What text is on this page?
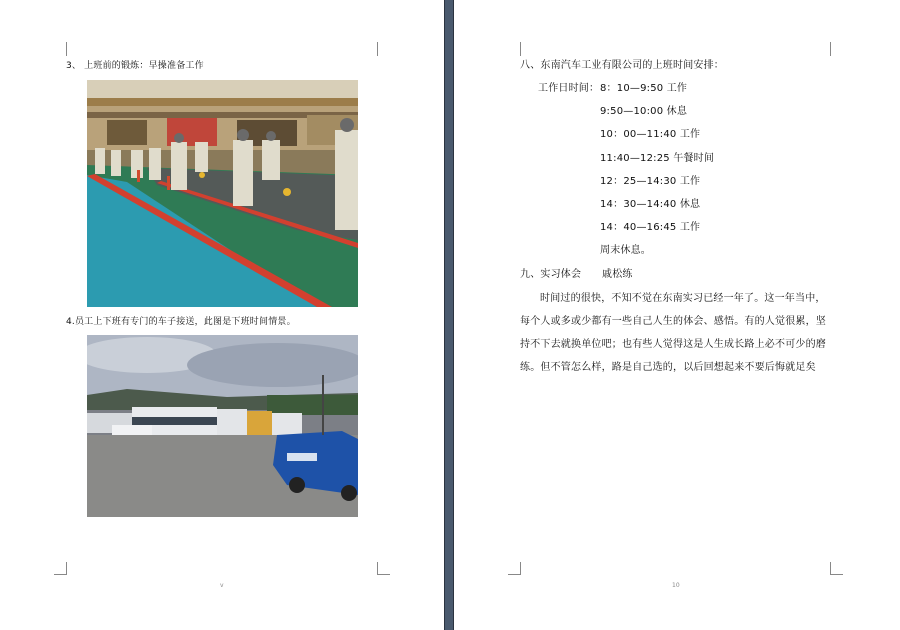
3、 上班前的锻炼：早操准备工作
4.员工上下班有专门的车子接送，此图是下班时间情景。
v
八、东南汽车工业有限公司的上班时间安排：
工作日时间： 8：10—9:50 工作
9:50—10:00 休息
10：00—11:40 工作
11:40—12:25 午餐时间
12：25—14:30 工作
14：30—14:40 休息
14：40—16:45 工作
周末休息。
九、实习体会 戚松练
时间过的很快，不知不觉在东南实习已经一年了。这一年当中，
每个人或多或少都有一些自己人生的体会、感悟。有的人觉很累，坚
持不下去就换单位吧；也有些人觉得这是人生成长路上必不可少的磨
练。但不管怎么样，路是自己选的，以后回想起来不要后悔就足矣
10
